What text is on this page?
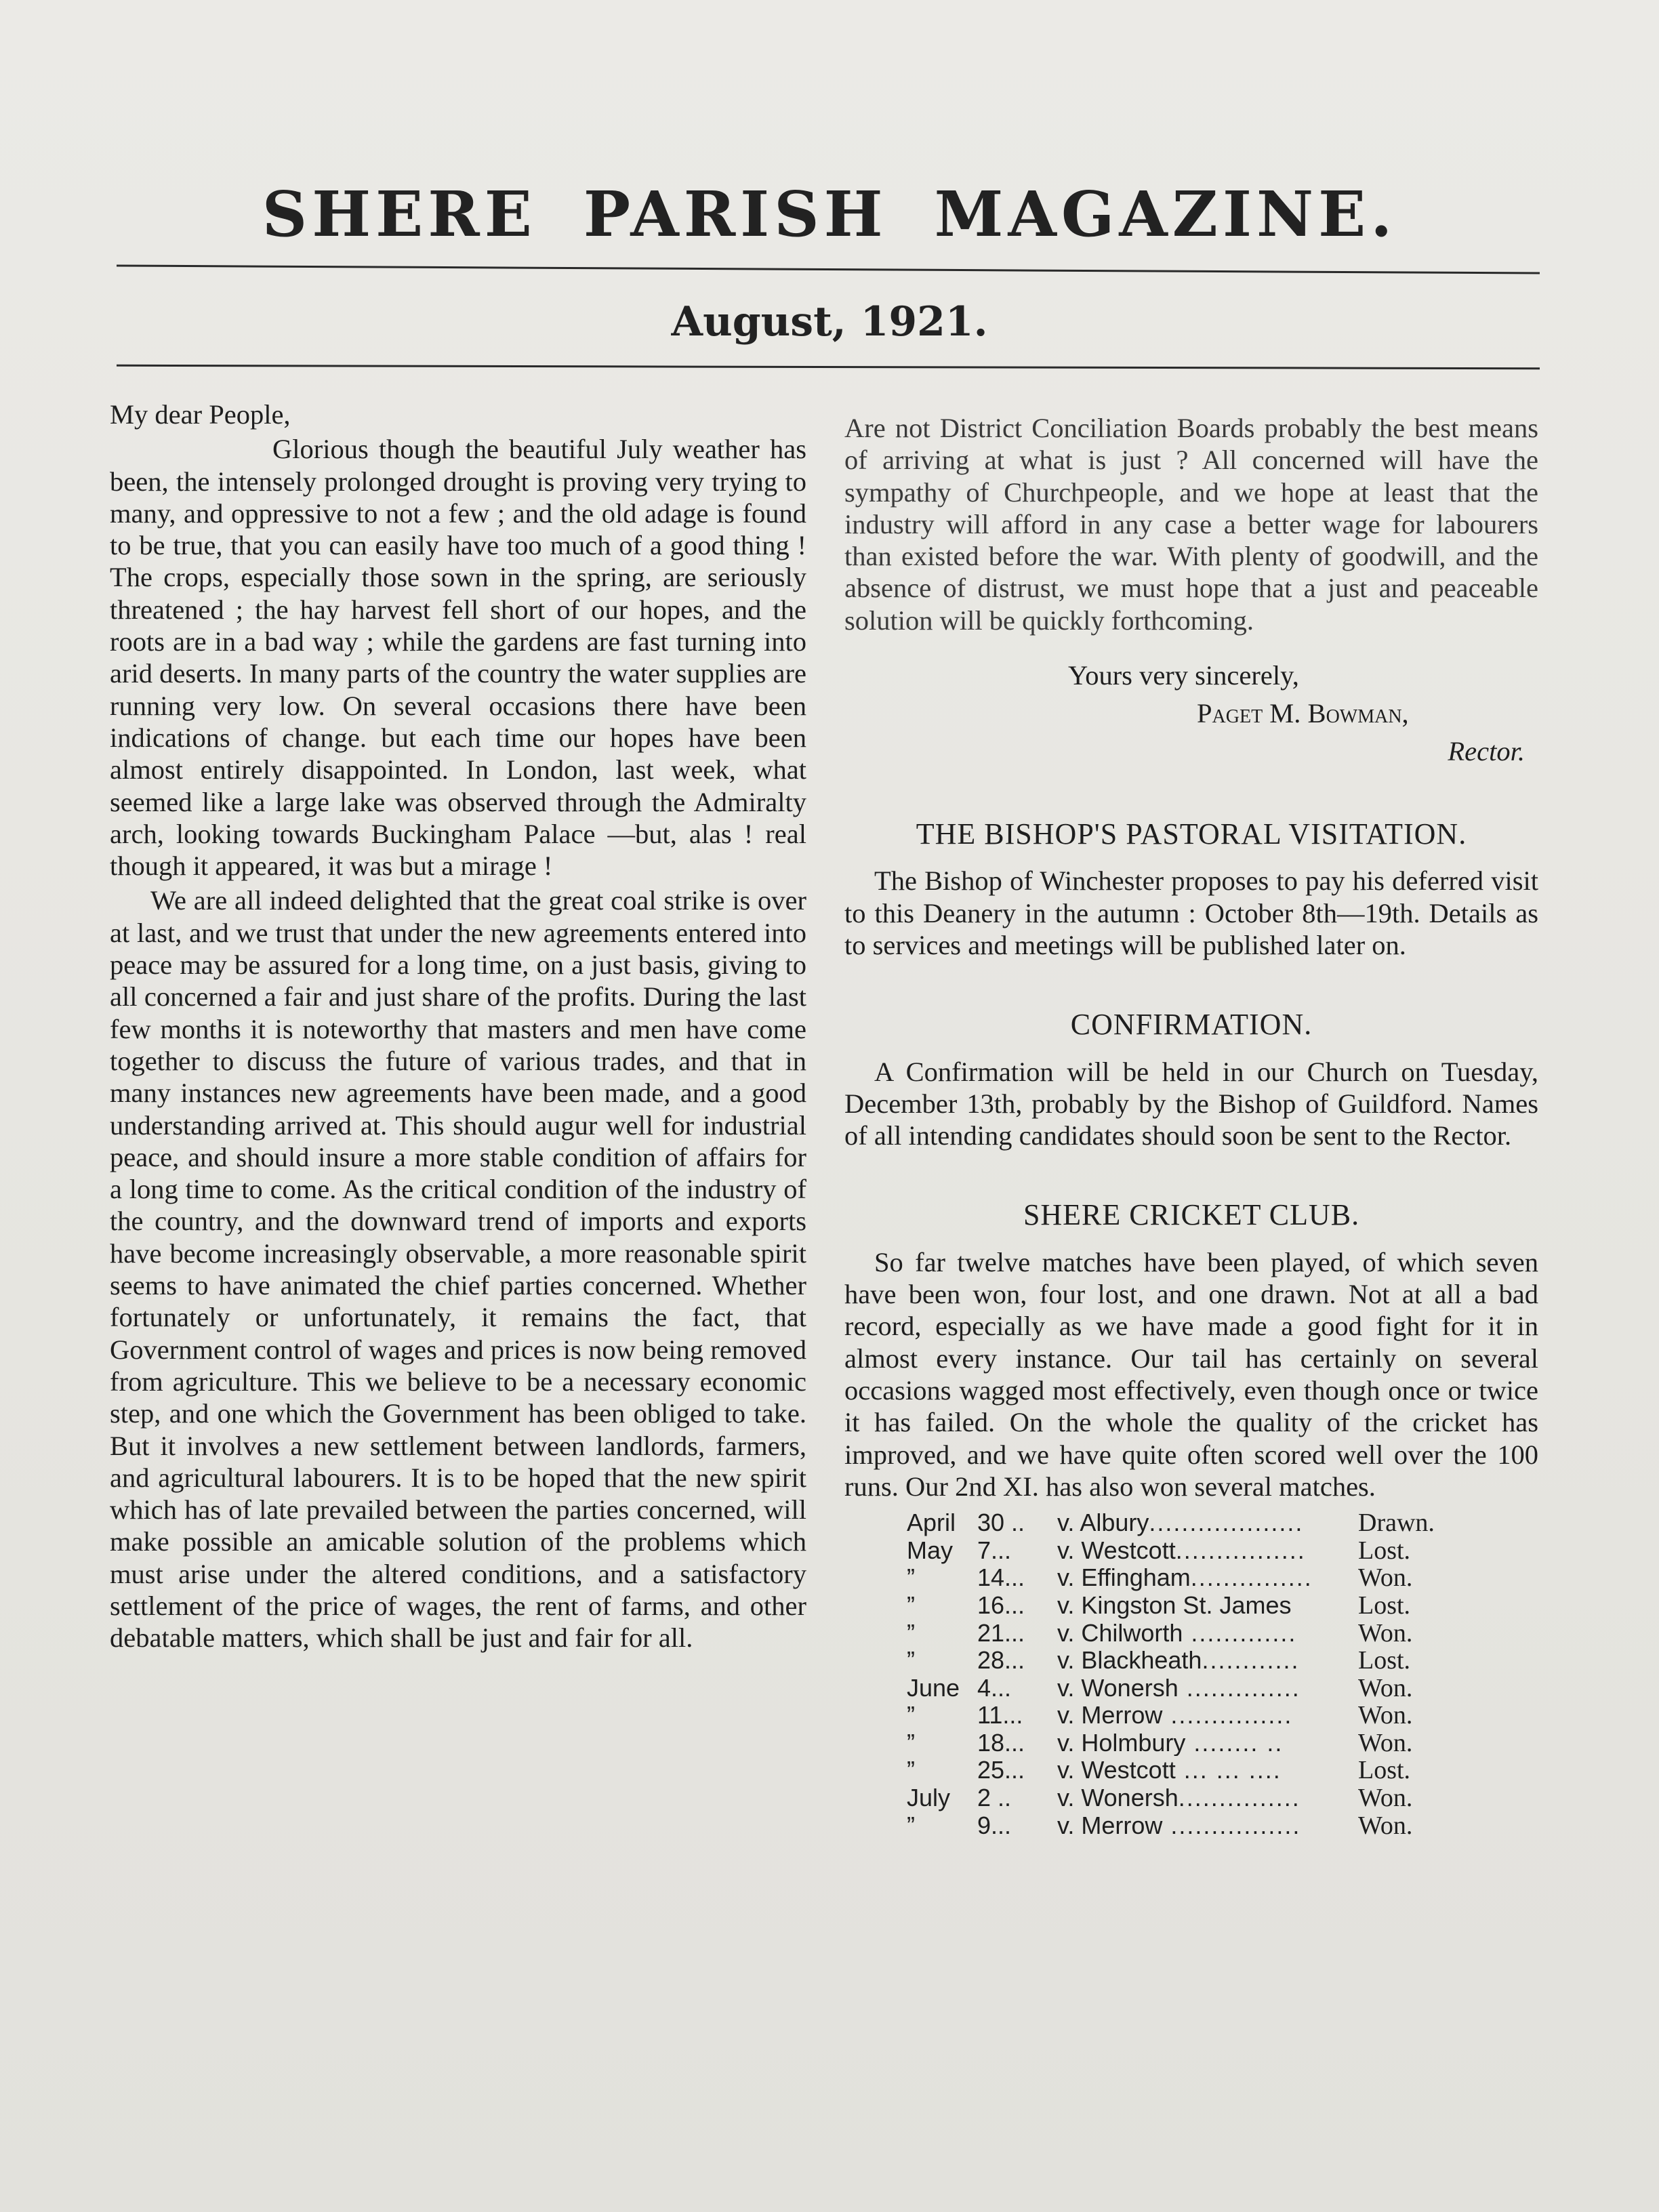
SHERE PARISH MAGAZINE.
August, 1921.

My dear People,

Glorious though the beautiful July weather has been, the intensely prolonged drought is proving very trying to many, and oppressive to not a few ; and the old adage is found to be true, that you can easily have too much of a good thing ! The crops, especially those sown in the spring, are seriously threatened ; the hay harvest fell short of our hopes, and the roots are in a bad way ; while the gardens are fast turning into arid deserts. In many parts of the country the water supplies are running very low. On several occasions there have been indications of change. but each time our hopes have been almost entirely disappointed. In London, last week, what seemed like a large lake was observed through the Admiralty arch, looking towards Buckingham Palace —but, alas ! real though it appeared, it was but a mirage !

We are all indeed delighted that the great coal strike is over at last, and we trust that under the new agreements entered into peace may be assured for a long time, on a just basis, giving to all concerned a fair and just share of the profits. During the last few months it is noteworthy that masters and men have come together to discuss the future of various trades, and that in many instances new agreements have been made, and a good understanding arrived at. This should augur well for industrial peace, and should insure a more stable condition of affairs for a long time to come. As the critical condition of the industry of the country, and the downward trend of imports and exports have become increasingly observable, a more reasonable spirit seems to have animated the chief parties concerned. Whether fortunately or unfortunately, it remains the fact, that Government control of wages and prices is now being removed from agriculture. This we believe to be a necessary economic step, and one which the Government has been obliged to take. But it involves a new settlement between landlords, farmers, and agricultural labourers. It is to be hoped that the new spirit which has of late prevailed between the parties concerned, will make possible an amicable solution of the problems which must arise under the altered conditions, and a satisfactory settlement of the price of wages, the rent of farms, and other debatable matters, which shall be just and fair for all.

Are not District Conciliation Boards probably the best means of arriving at what is just ? All concerned will have the sympathy of Churchpeople, and we hope at least that the industry will afford in any case a better wage for labourers than existed before the war. With plenty of goodwill, and the absence of distrust, we must hope that a just and peaceable solution will be quickly forthcoming.

Yours very sincerely,
Paget M. Bowman,
Rector.
THE BISHOP'S PASTORAL VISITATION.

The Bishop of Winchester proposes to pay his deferred visit to this Deanery in the autumn : October 8th—19th. Details as to services and meetings will be published later on.

CONFIRMATION.

A Confirmation will be held in our Church on Tuesday, December 13th, probably by the Bishop of Guildford. Names of all intending candidates should soon be sent to the Rector.

SHERE CRICKET CLUB.

So far twelve matches have been played, of which seven have been won, four lost, and one drawn. Not at all a bad record, especially as we have made a good fight for it in almost every instance. Our tail has certainly on several occasions wagged most effectively, even though once or twice it has failed. On the whole the quality of the cricket has improved, and we have quite often scored well over the 100 runs. Our 2nd XI. has also won several matches.

April 30 ..	v. Albury...................	Drawn.
May 7...	v. Westcott................	Lost.
”	14...	v. Effingham...............	Won.
”	16...	v. Kingston St. James	Lost.
”	21...	v. Chilworth .............	Won.
”	28...	v. Blackheath............	Lost.
June 4...	v. Wonersh ..............	Won.
”	11...	v. Merrow ...............	Won.
”	18...	v. Holmbury ........ ..	Won.
”	25...	v. Westcott ... ... ....	Lost.
July	2 ..	v. Wonersh...............	Won.
”	9...	v. Merrow ................	Won.
